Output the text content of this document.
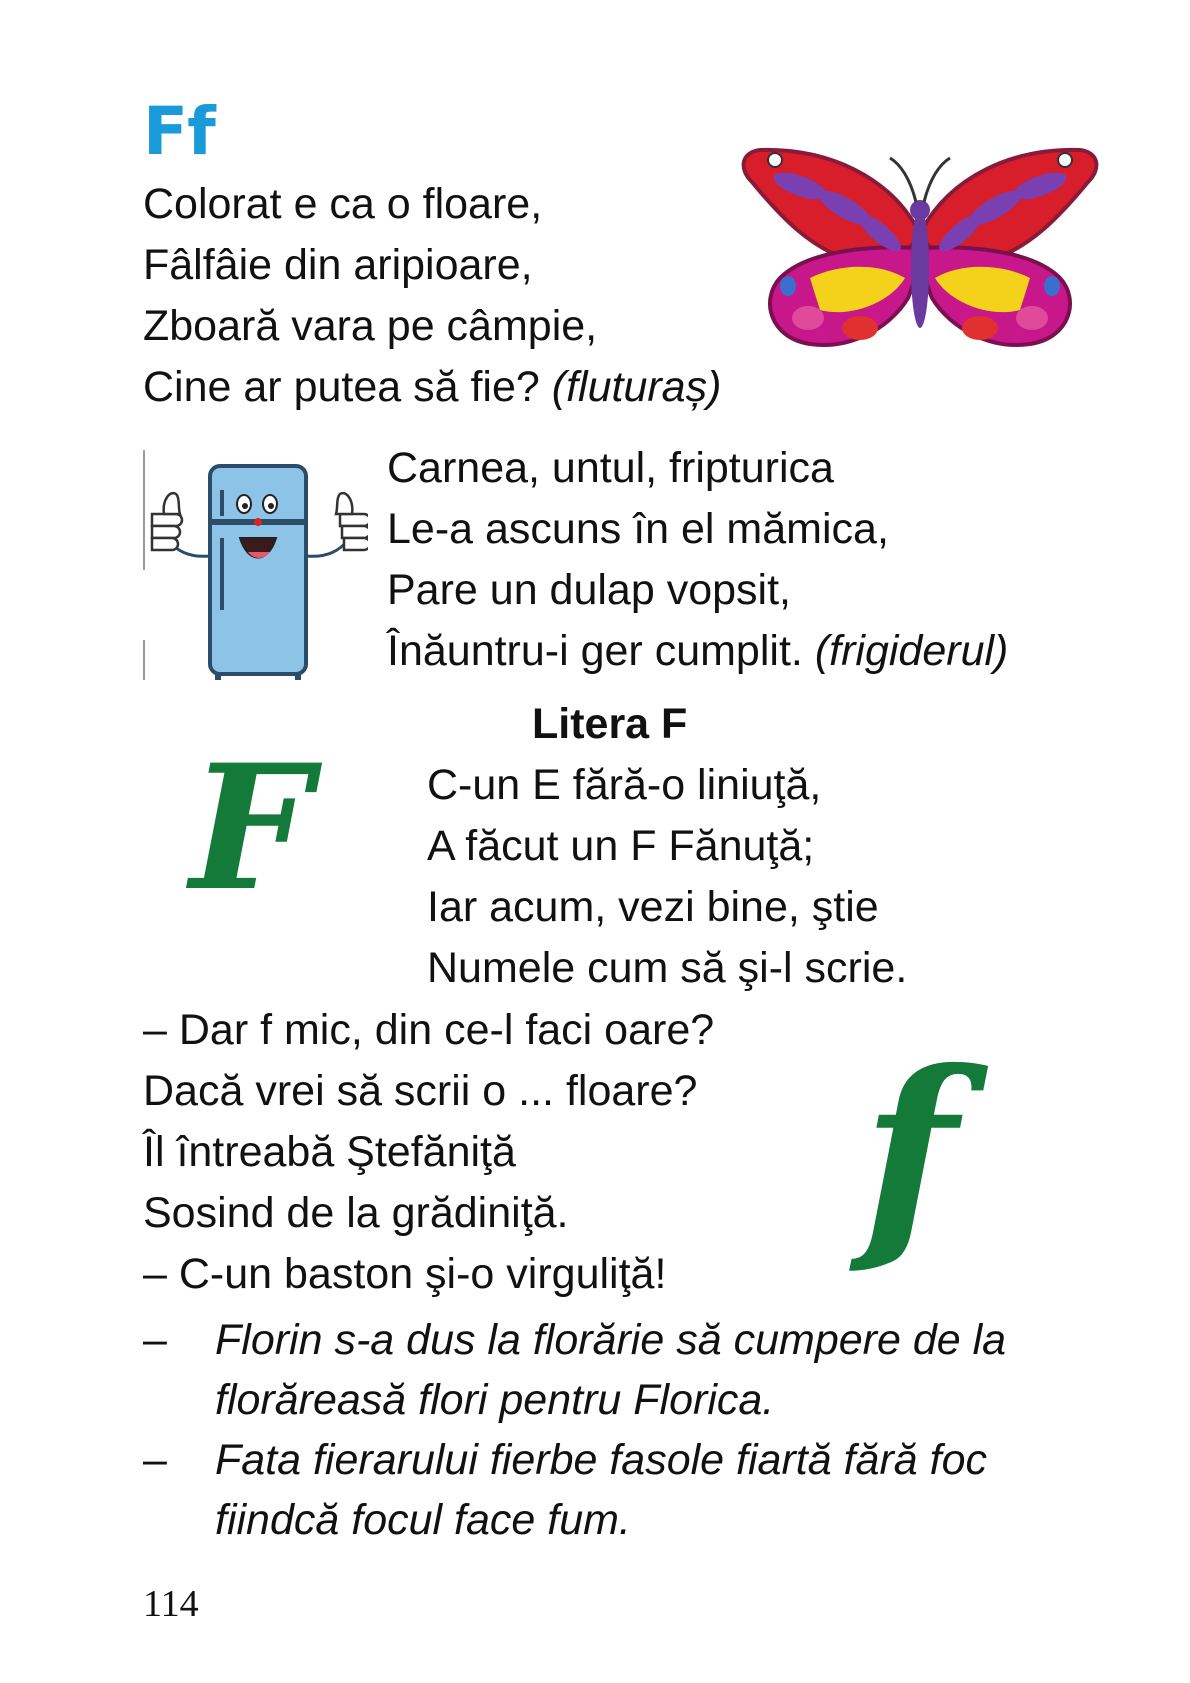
Ff
Colorat e ca o floare,
Fâlfâie din aripioare,
Zboară vara pe câmpie,
Cine ar putea să fie? (fluturaș)
Carnea, untul, fripturica
Le-a ascuns în el mămica,
Pare un dulap vopsit,
Înăuntru-i ger cumplit. (frigiderul)
Litera F
F	C-un E fără-o liniuţă,
A făcut un F Fănuţă;
Iar acum, vezi bine, ştie
Numele cum să şi-l scrie.
– Dar f mic, din ce-l faci oare?
Dacă vrei să scrii o ... floare?
Îl întreabă Ştefăniţă
Sosind de la grădiniţă.
– C-un baston şi-o virguliţă! f
– Florin s-a dus la florărie să cumpere de la florăreasă flori pentru Florica.
– Fata fierarului fierbe fasole fiartă fără foc fiindcă focul face fum.
114
